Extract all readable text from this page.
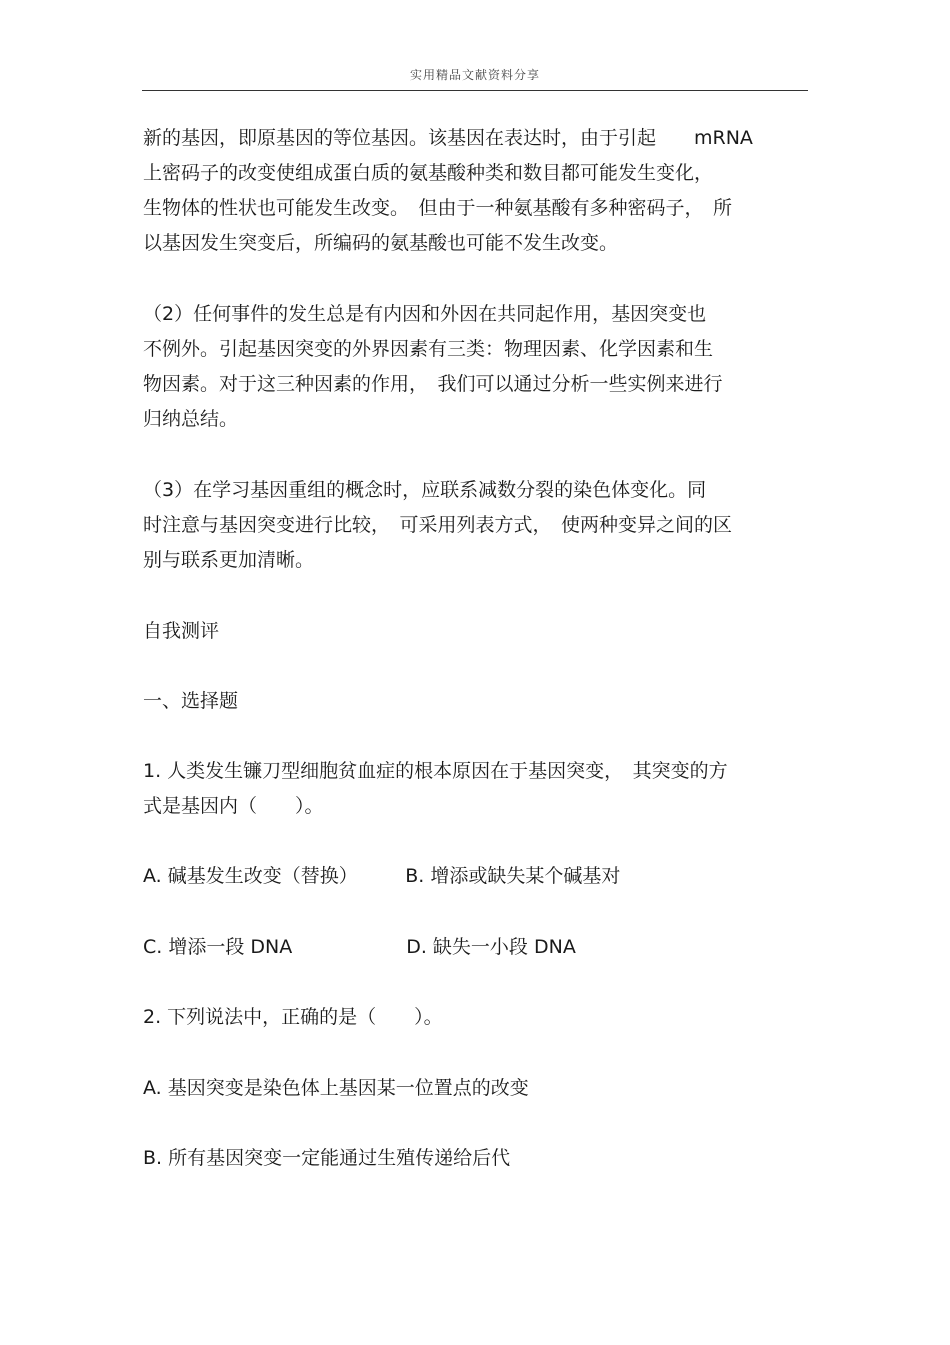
实用精品文献资料分享
新的基因，即原基因的等位基因。该基因在表达时，由于引起　　mRNA
上密码子的改变使组成蛋白质的氨基酸种类和数目都可能发生变化，
生物体的性状也可能发生改变。　但由于一种氨基酸有多种密码子，　所
以基因发生突变后，所编码的氨基酸也可能不发生改变。
（2）任何事件的发生总是有内因和外因在共同起作用，基因突变也
不例外。引起基因突变的外界因素有三类：物理因素、化学因素和生
物因素。对于这三种因素的作用，　我们可以通过分析一些实例来进行
归纳总结。
（3）在学习基因重组的概念时，应联系减数分裂的染色体变化。同
时注意与基因突变进行比较，　可采用列表方式，　使两种变异之间的区
别与联系更加清晰。
自我测评
一、选择题
1. 人类发生镰刀型细胞贫血症的根本原因在于基因突变，　其突变的方
式是基因内（　　）。
A. 碱基发生改变（替换）　　　B. 增添或缺失某个碱基对
C. 增添一段 DNA　　　　　　D. 缺失一小段 DNA
2. 下列说法中，正确的是（　　）。
A. 基因突变是染色体上基因某一位置点的改变
B. 所有基因突变一定能通过生殖传递给后代
